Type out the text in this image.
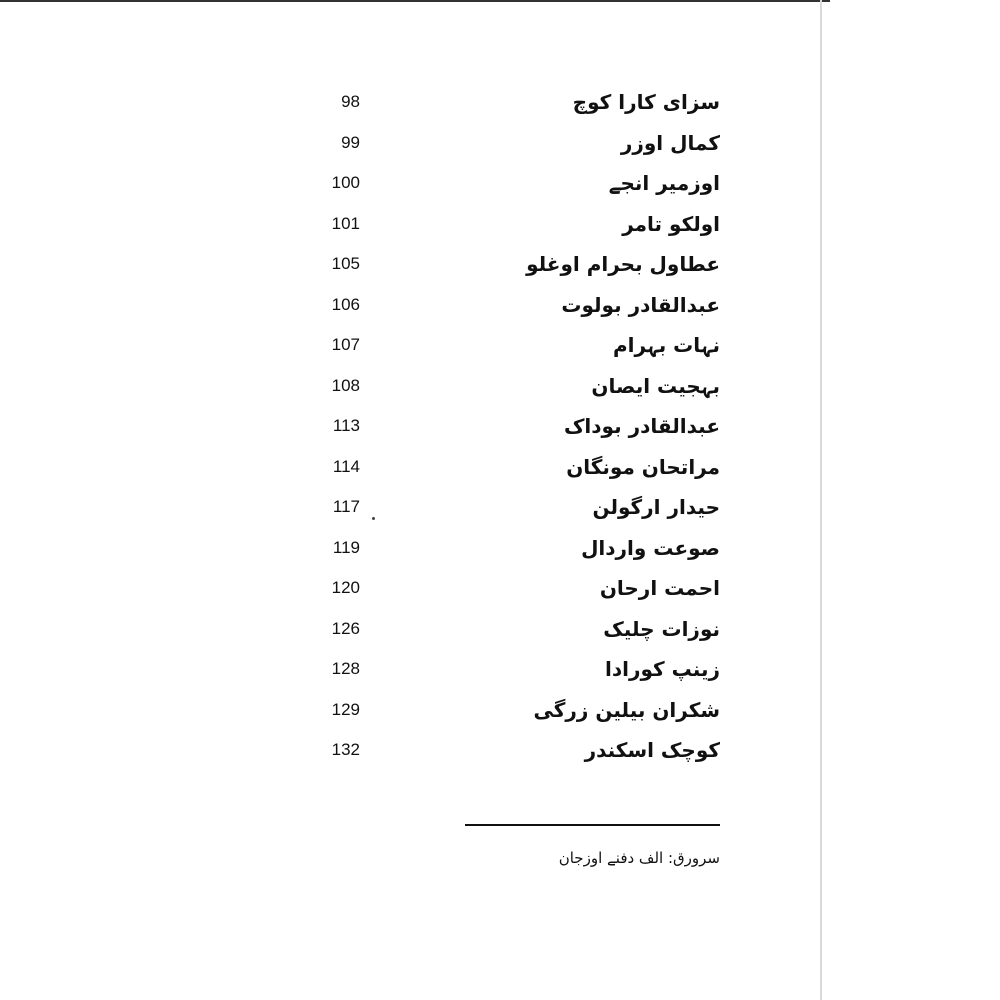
98	سزای کارا کوچ
99	کمال اوزر
100	اوزمیر انجے
101	اولکو تامر
105	عطاول بحرام اوغلو
106	عبدالقادر بولوت
107	نہات بہرام
108	بہجیت ایصان
113	عبدالقادر بوداک
114	مراتحان مونگان
117	حیدار ارگولن
119	صوعت واردال
120	احمت ارحان
126	نوزات چلیک
128	زینپ کورادا
129	شکران بیلین زرگی
132	کوچک اسکندر
سرورق: الف دفنے اوزجان
